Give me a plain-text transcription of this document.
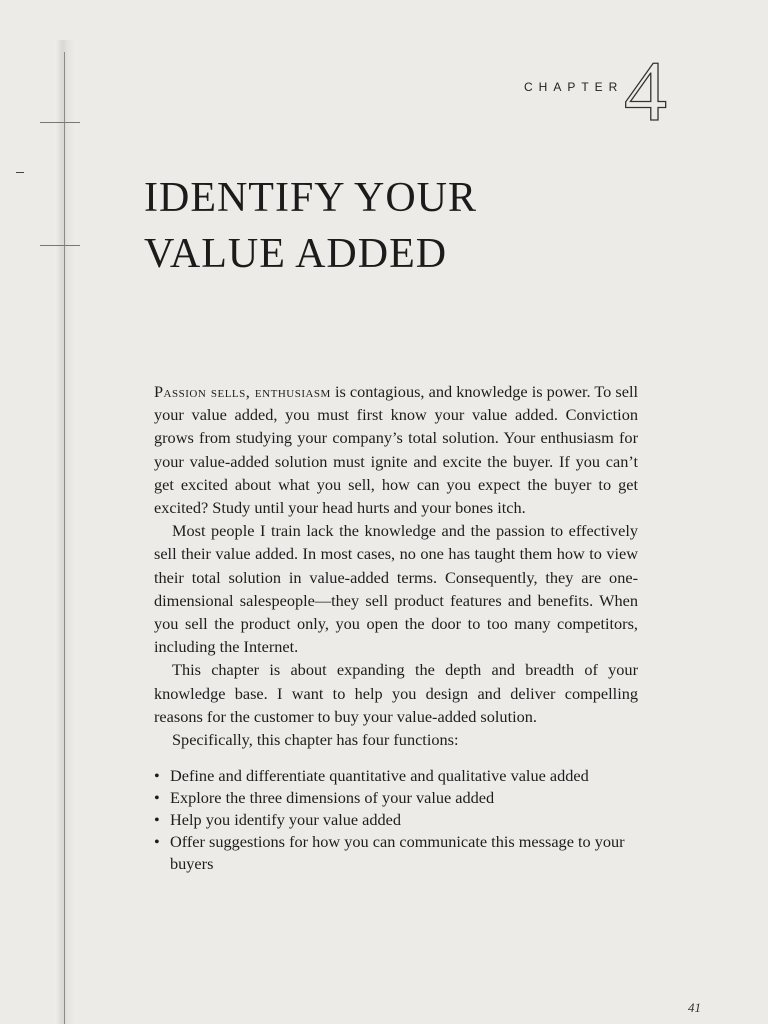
CHAPTER 4
IDENTIFY YOUR
VALUE ADDED

Passion sells, enthusiasm is contagious, and knowledge is power. To sell your value added, you must first know your value added. Conviction grows from studying your company’s total solution. Your enthusiasm for your value-added solution must ignite and excite the buyer. If you can’t get excited about what you sell, how can you expect the buyer to get excited? Study until your head hurts and your bones itch.

Most people I train lack the knowledge and the passion to effectively sell their value added. In most cases, no one has taught them how to view their total solution in value-added terms. Consequently, they are one-dimensional salespeople—they sell product features and benefits. When you sell the product only, you open the door to too many competitors, including the Internet.

This chapter is about expanding the depth and breadth of your knowledge base. I want to help you design and deliver compelling reasons for the customer to buy your value-added solution.

Specifically, this chapter has four functions:

• Define and differentiate quantitative and qualitative value added
• Explore the three dimensions of your value added
• Help you identify your value added
• Offer suggestions for how you can communicate this message to your buyers
41
